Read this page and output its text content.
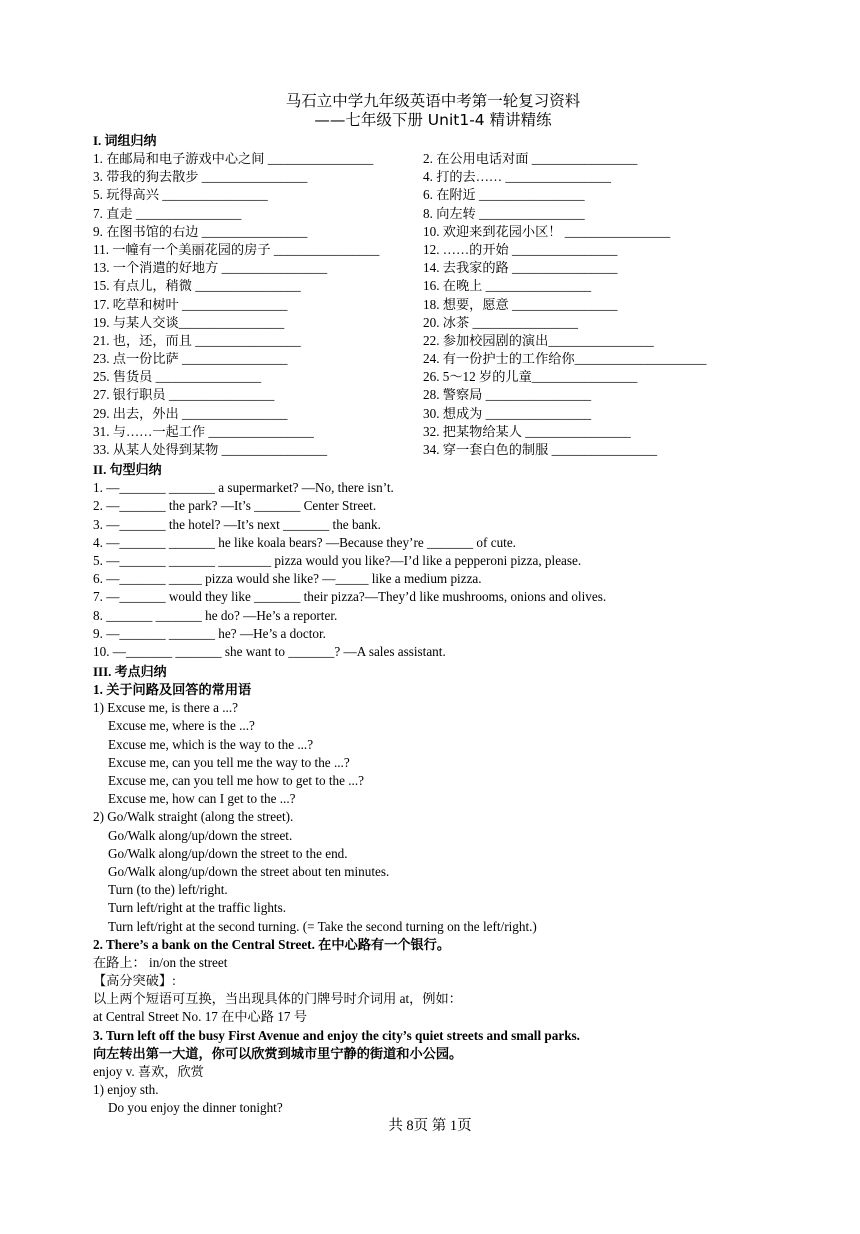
马石立中学九年级英语中考第一轮复习资料
——七年级下册 Unit1-4 精讲精练
I. 词组归纳
1. 在邮局和电子游戏中心之间 ________________	2. 在公用电话对面 ________________
3. 带我的狗去散步 ________________	4. 打的去…… ________________
5. 玩得高兴 ________________	6. 在附近 ________________
7. 直走 ________________	8. 向左转 ________________
9. 在图书馆的右边 ________________	10. 欢迎来到花园小区！ ________________
11. 一幢有一个美丽花园的房子 ________________	12. ……的开始 ________________
13. 一个消遣的好地方 ________________	14. 去我家的路 ________________
15. 有点儿，稍微 ________________	16. 在晚上 ________________
17. 吃草和树叶 ________________	18. 想要，愿意 ________________
19. 与某人交谈________________	20. 冰茶 ________________
21. 也，还，而且 ________________	22. 参加校园剧的演出________________
23. 点一份比萨 ________________	24. 有一份护士的工作给你____________________
25. 售货员 ________________	26. 5～12 岁的儿童________________
27. 银行职员 ________________	28. 警察局 ________________
29. 出去，外出 ________________	30. 想成为 ________________
31. 与……一起工作 ________________	32. 把某物给某人 ________________
33. 从某人处得到某物 ________________	34. 穿一套白色的制服 ________________
II. 句型归纳
1. —_______ _______ a supermarket? —No, there isn’t.
2. —_______ the park? —It’s _______ Center Street.
3. —_______ the hotel? —It’s next _______ the bank.
4. —_______ _______ he like koala bears? —Because they’re _______ of cute.
5. —_______ _______ ________ pizza would you like?—I’d like a pepperoni pizza, please.
6. —_______ _____ pizza would she like? —_____ like a medium pizza.
7. —_______ would they like _______ their pizza?—They’d like mushrooms, onions and olives.
8. _______ _______ he do? —He’s a reporter.
9. —_______ _______ he? —He’s a doctor.
10. —_______ _______ she want to _______? —A sales assistant.
III. 考点归纳
1. 关于问路及回答的常用语
1) Excuse me, is there a ...?
Excuse me, where is the ...?
Excuse me, which is the way to the ...?
Excuse me, can you tell me the way to the ...?
Excuse me, can you tell me how to get to the ...?
Excuse me, how can I get to the ...?
2) Go/Walk straight (along the street).
Go/Walk along/up/down the street.
Go/Walk along/up/down the street to the end.
Go/Walk along/up/down the street about ten minutes.
Turn (to the) left/right.
Turn left/right at the traffic lights.
Turn left/right at the second turning. (= Take the second turning on the left/right.)
2. There’s a bank on the Central Street. 在中心路有一个银行。
在路上： in/on the street
【高分突破】:
以上两个短语可互换，当出现具体的门牌号时介词用 at，例如：
at Central Street No. 17 在中心路 17 号
3. Turn left off the busy First Avenue and enjoy the city’s quiet streets and small parks.
向左转出第一大道，你可以欣赏到城市里宁静的街道和小公园。
enjoy v. 喜欢，欣赏
1) enjoy sth.
Do you enjoy the dinner tonight?
共 8页 第 1页
